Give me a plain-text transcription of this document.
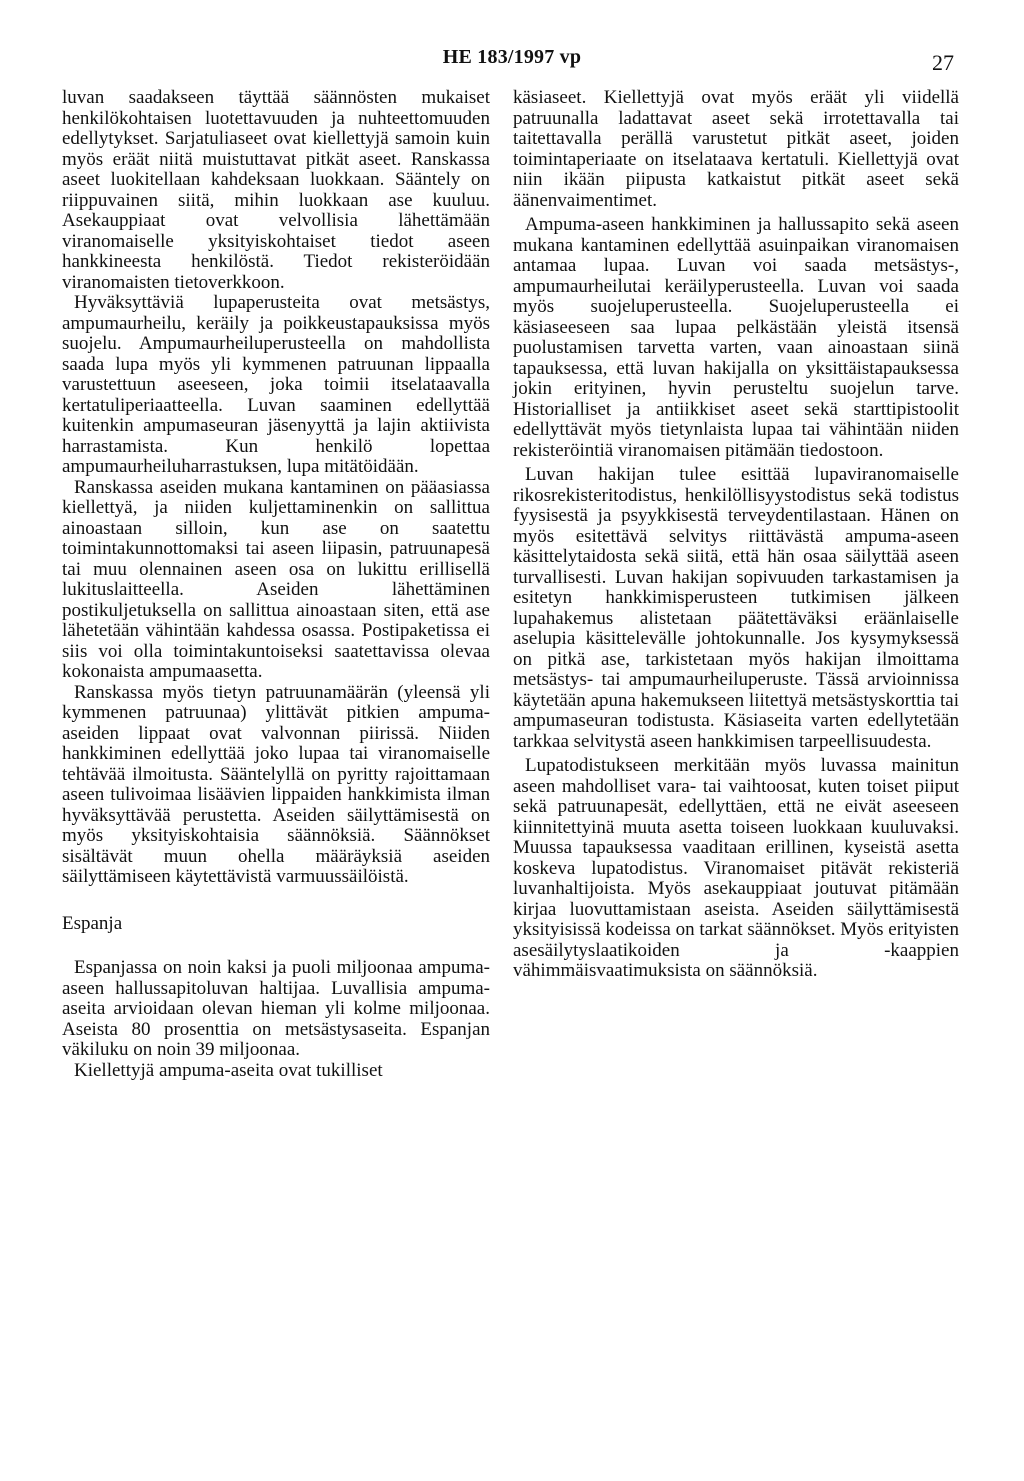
HE 183/1997 vp	27

luvan saadakseen täyttää säännösten mukaiset henkilökohtaisen luotettavuuden ja nuhteettomuuden edellytykset. Sarjatuliaseet ovat kiellettyjä samoin kuin myös eräät niitä muistuttavat pitkät aseet. Ranskassa aseet luokitellaan kahdeksaan luokkaan. Sääntely on riippuvainen siitä, mihin luokkaan ase kuuluu. Asekauppiaat ovat velvollisia lähettämään viranomaiselle yksityiskohtaiset tiedot aseen hankkineesta henkilöstä. Tiedot rekisteröidään viranomaisten tietoverkkoon.

Hyväksyttäviä lupaperusteita ovat metsästys, ampumaurheilu, keräily ja poikkeustapauksissa myös suojelu. Ampumaurheiluperusteella on mahdollista saada lupa myös yli kymmenen patruunan lippaalla varustettuun aseeseen, joka toimii itselataavalla kertatuliperiaatteella. Luvan saaminen edellyttää kuitenkin ampumaseuran jäsenyyttä ja lajin aktiivista harrastamista. Kun henkilö lopettaa ampumaurheiluharrastuksen, lupa mitätöidään.

Ranskassa aseiden mukana kantaminen on pääasiassa kiellettyä, ja niiden kuljettaminenkin on sallittua ainoastaan silloin, kun ase on saatettu toimintakunnottomaksi tai aseen liipasin, patruunapesä tai muu olennainen aseen osa on lukittu erillisellä lukituslaitteella. Aseiden lähettäminen postikuljetuksella on sallittua ainoastaan siten, että ase lähetetään vähintään kahdessa osassa. Postipaketissa ei siis voi olla toimintakuntoiseksi saatettavissa olevaa kokonaista ampumaasetta.

Ranskassa myös tietyn patruunamäärän (yleensä yli kymmenen patruunaa) ylittävät pitkien ampuma-aseiden lippaat ovat valvonnan piirissä. Niiden hankkiminen edellyttää joko lupaa tai viranomaiselle tehtävää ilmoitusta. Sääntelyllä on pyritty rajoittamaan aseen tulivoimaa lisäävien lippaiden hankkimista ilman hyväksyttävää perustetta. Aseiden säilyttämisestä on myös yksityiskohtaisia säännöksiä. Säännökset sisältävät muun ohella määräyksiä aseiden säilyttämiseen käytettävistä varmuussäilöistä.

Espanja

Espanjassa on noin kaksi ja puoli miljoonaa ampuma-aseen hallussapitoluvan haltijaa. Luvallisia ampuma-aseita arvioidaan olevan hieman yli kolme miljoonaa. Aseista 80 prosenttia on metsästysaseita. Espanjan väkiluku on noin 39 miljoonaa.

Kiellettyjä ampuma-aseita ovat tukilliset

käsiaseet. Kiellettyjä ovat myös eräät yli viidellä patruunalla ladattavat aseet sekä irrotettavalla tai taitettavalla perällä varustetut pitkät aseet, joiden toimintaperiaate on itselataava kertatuli. Kiellettyjä ovat niin ikään piipusta katkaistut pitkät aseet sekä äänenvaimentimet.

Ampuma-aseen hankkiminen ja hallussapito sekä aseen mukana kantaminen edellyttää asuinpaikan viranomaisen antamaa lupaa. Luvan voi saada metsästys-, ampumaurheilutai keräilyperusteella. Luvan voi saada myös suojeluperusteella. Suojeluperusteella ei käsiaseeseen saa lupaa pelkästään yleistä itsensä puolustamisen tarvetta varten, vaan ainoastaan siinä tapauksessa, että luvan hakijalla on yksittäistapauksessa jokin erityinen, hyvin perusteltu suojelun tarve. Historialliset ja antiikkiset aseet sekä starttipistoolit edellyttävät myös tietynlaista lupaa tai vähintään niiden rekisteröintiä viranomaisen pitämään tiedostoon.

Luvan hakijan tulee esittää lupaviranomaiselle rikosrekisteritodistus, henkilöllisyystodistus sekä todistus fyysisestä ja psyykkisestä terveydentilastaan. Hänen on myös esitettävä selvitys riittävästä ampuma-aseen käsittelytaidosta sekä siitä, että hän osaa säilyttää aseen turvallisesti. Luvan hakijan sopivuuden tarkastamisen ja esitetyn hankkimisperusteen tutkimisen jälkeen lupahakemus alistetaan päätettäväksi eräänlaiselle aselupia käsittelevälle johtokunnalle. Jos kysymyksessä on pitkä ase, tarkistetaan myös hakijan ilmoittama metsästys- tai ampumaurheiluperuste. Tässä arvioinnissa käytetään apuna hakemukseen liitettyä metsästyskorttia tai ampumaseuran todistusta. Käsiaseita varten edellytetään tarkkaa selvitystä aseen hankkimisen tarpeellisuudesta.

Lupatodistukseen merkitään myös luvassa mainitun aseen mahdolliset vara- tai vaihtoosat, kuten toiset piiput sekä patruunapesät, edellyttäen, että ne eivät aseeseen kiinnitettyinä muuta asetta toiseen luokkaan kuuluvaksi. Muussa tapauksessa vaaditaan erillinen, kyseistä asetta koskeva lupatodistus. Viranomaiset pitävät rekisteriä luvanhaltijoista. Myös asekauppiaat joutuvat pitämään kirjaa luovuttamistaan aseista. Aseiden säilyttämisestä yksityisissä kodeissa on tarkat säännökset. Myös erityisten asesäilytyslaatikoiden ja -kaappien vähimmäisvaatimuksista on säännöksiä.
